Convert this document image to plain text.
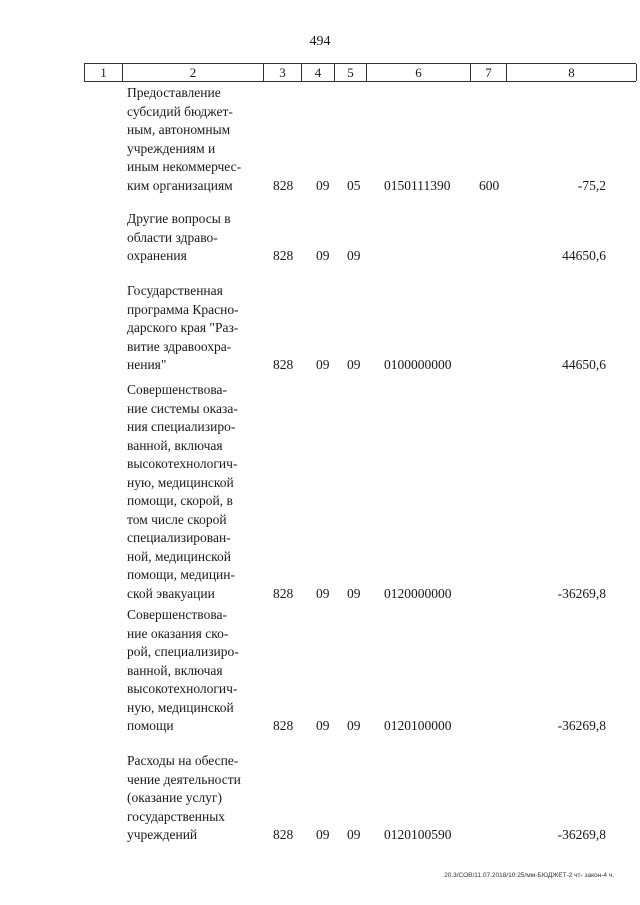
494
1	2	3	4	5	6	7	8
Предоставление
субсидий бюджет-
ным, автономным
учреждениям и
иным некоммерчес-
ким организациям	828 09 05 0150111390 600	-75,2
Другие вопросы в
области здраво-
охранения	828 09 09	44650,6
Государственная
программа Красно-
дарского края "Раз-
витие здравоохра-
нения"	828 09 09 0100000000	44650,6
Совершенствова-
ние системы оказа-
ния специализиро-
ванной, включая
высокотехнологич-
ную, медицинской
помощи, скорой, в
том числе скорой
специализирован-
ной, медицинской
помощи, медицин-
ской эвакуации	828 09 09 0120000000	-36269,8
Совершенствова-
ние оказания ско-
рой, специализиро-
ванной, включая
высокотехнологич-
ную, медицинской
помощи	828 09 09 0120100000	-36269,8
Расходы на обеспе-
чение деятельности
(оказание услуг)
государственных
учреждений	828 09 09 0120100590	-36269,8
20.3/СОВ/11.07.2018/10:25/мм-БЮДЖЕТ-2 чт- закон-4 ч.
